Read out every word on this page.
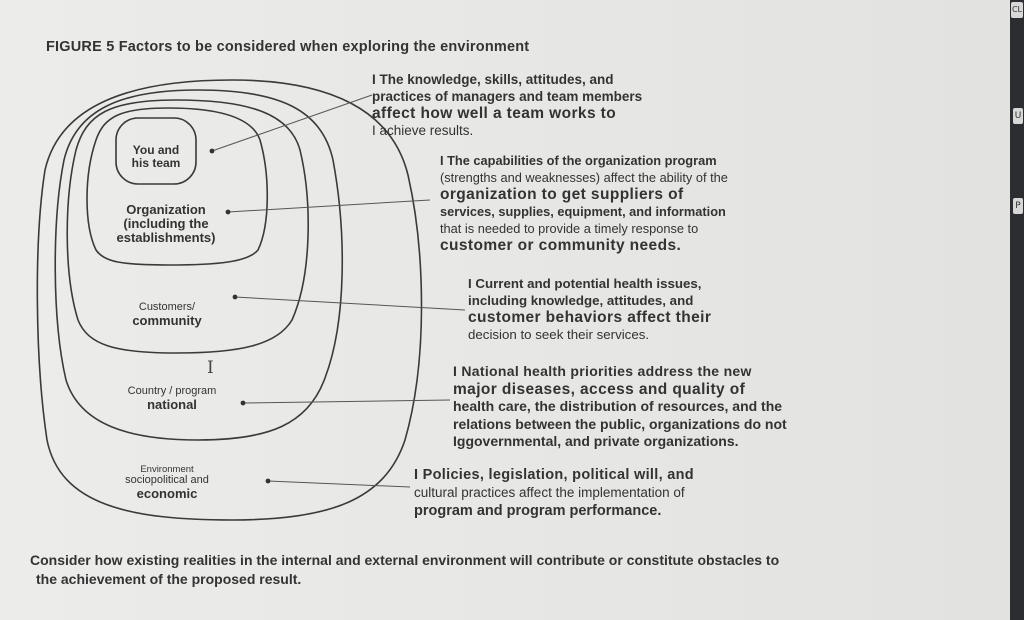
FIGURE 5 Factors to be considered when exploring the environment
You and
his team
Organization
(including the
establishments)
Customers/
community
Country / program
national
Environment
sociopolitical and
economic
I
I The knowledge, skills, attitudes, and
practices of managers and team members
affect how well a team works to
I achieve results.
I The capabilities of the organization program
(strengths and weaknesses) affect the ability of the
organization to get suppliers of
services, supplies, equipment, and information
that is needed to provide a timely response to
customer or community needs.
I Current and potential health issues,
including knowledge, attitudes, and
customer behaviors affect their
decision to seek their services.
I National health priorities address the new
major diseases, access and quality of
health care, the distribution of resources, and the
relations between the public, organizations do not
Iggovernmental, and private organizations.
I Policies, legislation, political will, and
cultural practices affect the implementation of
program and program performance.
Consider how existing realities in the internal and external environment will contribute or constitute obstacles to
the achievement of the proposed result.
CL
U
P
